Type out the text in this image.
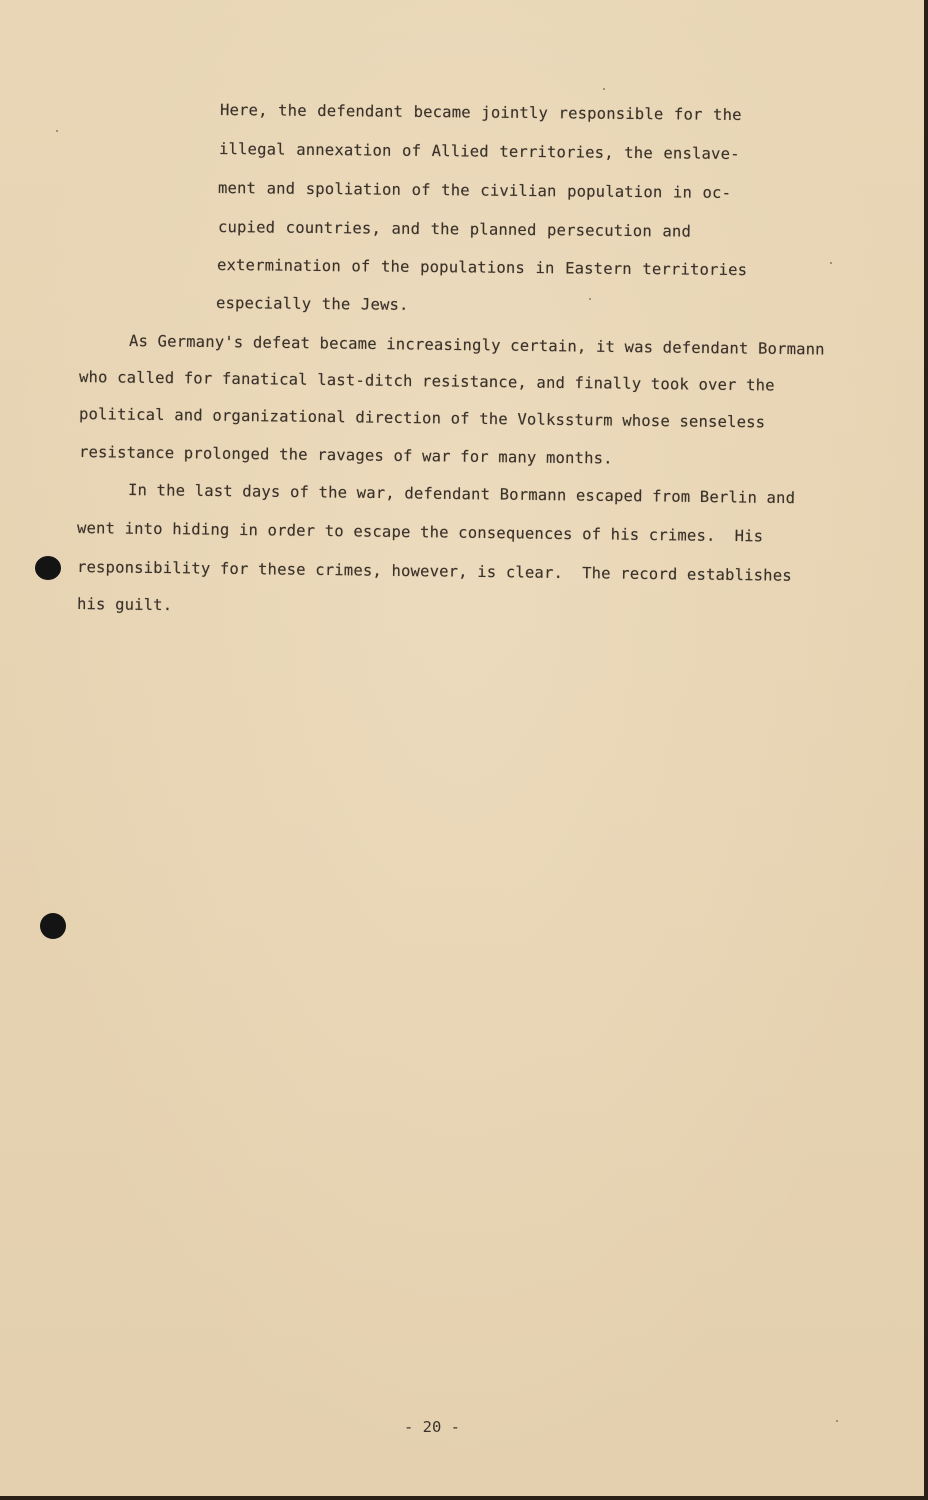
Here, the defendant became jointly responsible for the
illegal annexation of Allied territories, the enslave-
ment and spoliation of the civilian population in oc-
cupied countries, and the planned persecution and
extermination of the populations in Eastern territories
especially the Jews.
As Germany's defeat became increasingly certain, it was defendant Bormann
who called for fanatical last-ditch resistance, and finally took over the
political and organizational direction of the Volkssturm whose senseless
resistance prolonged the ravages of war for many months.
In the last days of the war, defendant Bormann escaped from Berlin and
went into hiding in order to escape the consequences of his crimes.  His
responsibility for these crimes, however, is clear.  The record establishes
his guilt.
- 20 -
